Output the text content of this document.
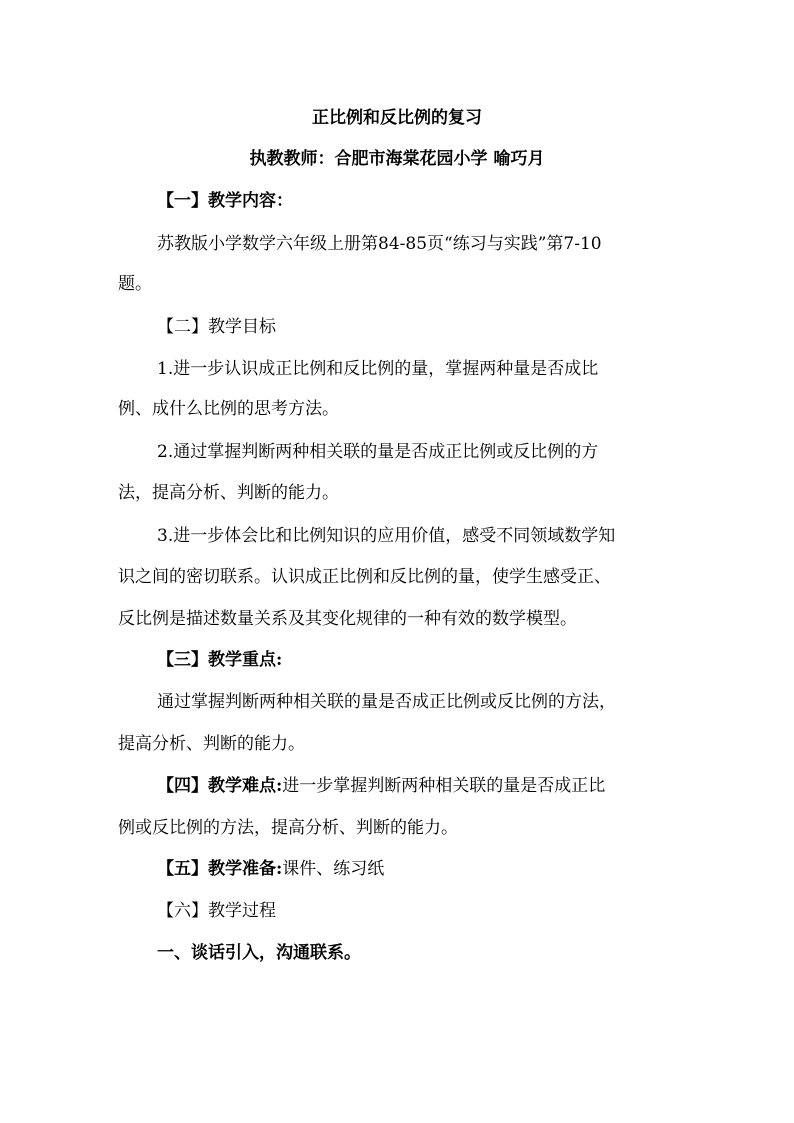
正比例和反比例的复习
执教教师：合肥市海棠花园小学 喻巧月
【一】教学内容：
苏教版小学数学六年级上册第84-85页“练习与实践”第7-10
题。
【二】教学目标
1.进一步认识成正比例和反比例的量，掌握两种量是否成比
例、成什么比例的思考方法。
2.通过掌握判断两种相关联的量是否成正比例或反比例的方
法，提高分析、判断的能力。
3.进一步体会比和比例知识的应用价值，感受不同领域数学知
识之间的密切联系。认识成正比例和反比例的量，使学生感受正、
反比例是描述数量关系及其变化规律的一种有效的数学模型。
【三】教学重点:
通过掌握判断两种相关联的量是否成正比例或反比例的方法，
提高分析、判断的能力。
【四】教学难点:进一步掌握判断两种相关联的量是否成正比
例或反比例的方法，提高分析、判断的能力。
【五】教学准备:课件、练习纸
【六】教学过程
一、谈话引入，沟通联系。
